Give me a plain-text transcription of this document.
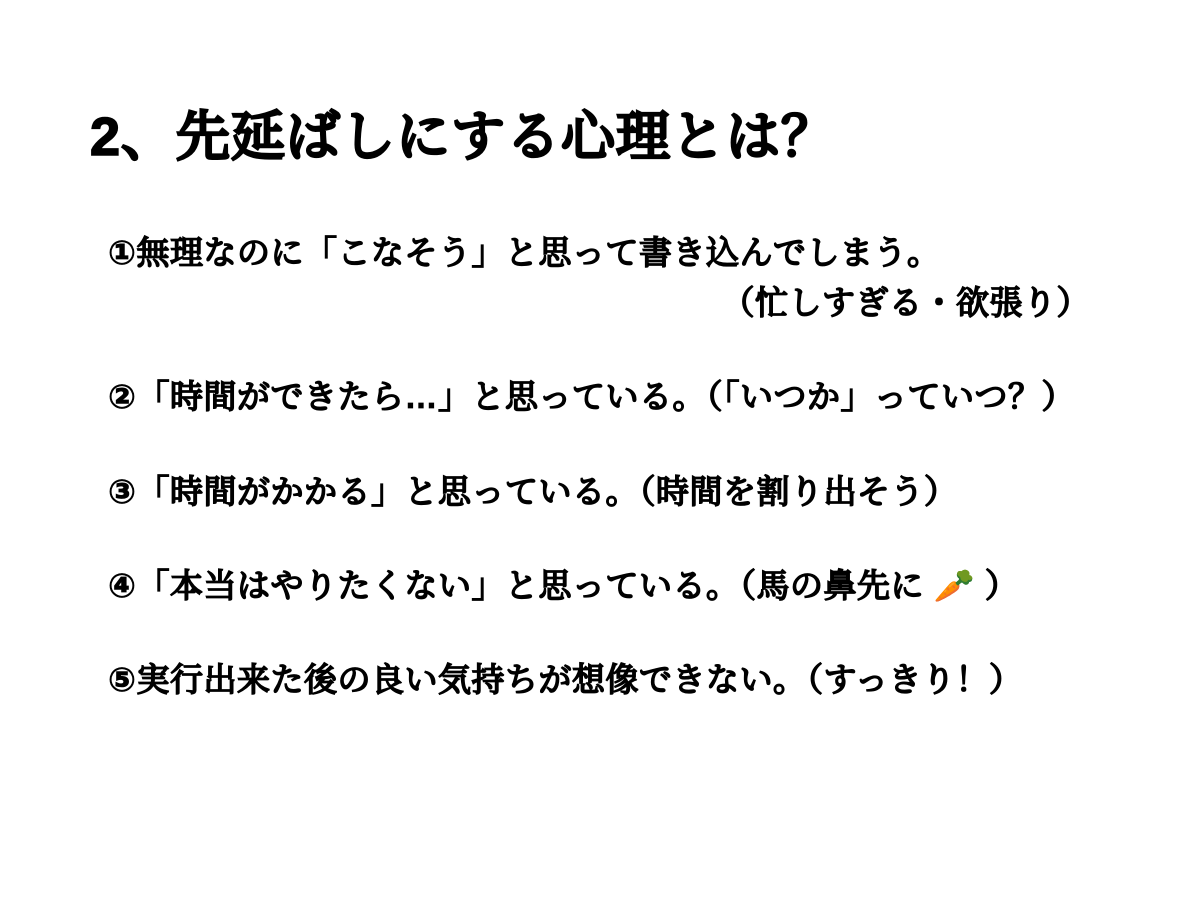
2、先延ばしにする心理とは？
①無理なのに「こなそう」と思って書き込んでしまう。
（忙しすぎる・欲張り）
②「時間ができたら…」と思っている。（「いつか」っていつ？）
③「時間がかかる」と思っている。（時間を割り出そう）
④「本当はやりたくない」と思っている。（馬の鼻先に 🥕 ）
⑤実行出来た後の良い気持ちが想像できない。（すっきり！）
